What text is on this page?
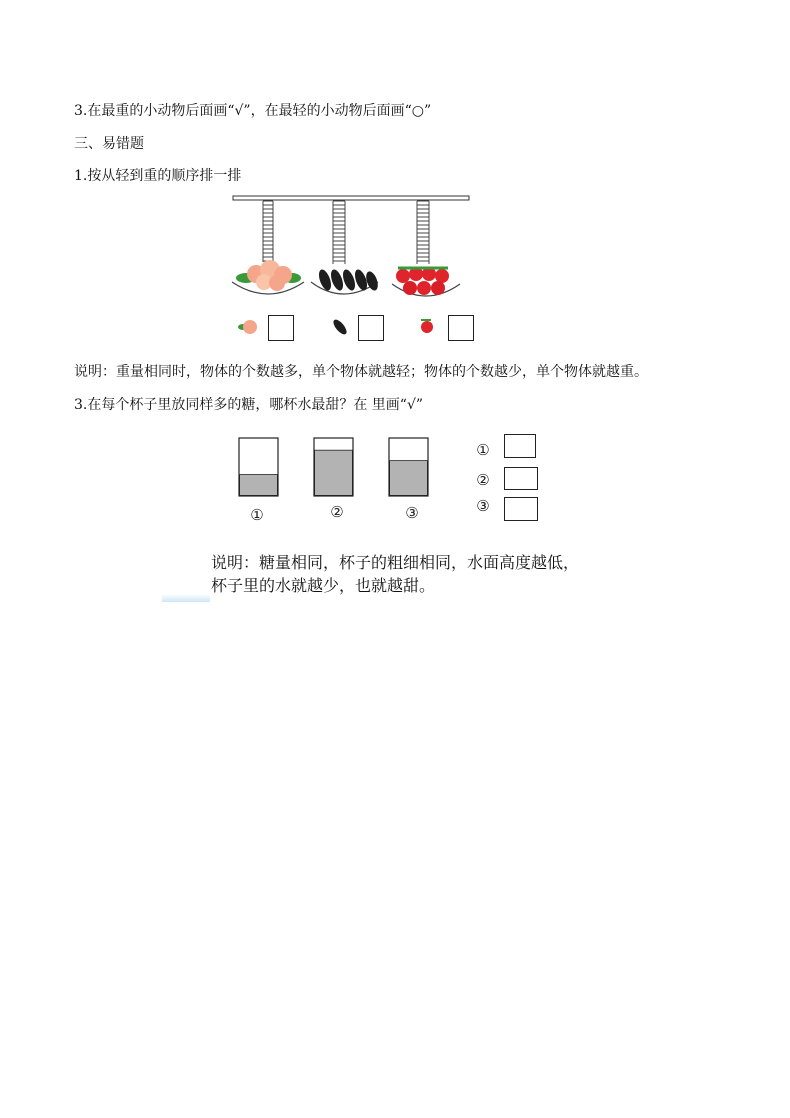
3.在最重的小动物后面画“√”，在最轻的小动物后面画“○”
三、易错题
1.按从轻到重的顺序排一排
说明：重量相同时，物体的个数越多，单个物体就越轻；物体的个数越少，单个物体就越重。
3.在每个杯子里放同样多的糖，哪杯水最甜？在 里画“√”
①	②	③
①
②
③
说明：糖量相同，杯子的粗细相同，水面高度越低，
杯子里的水就越少，也就越甜。
